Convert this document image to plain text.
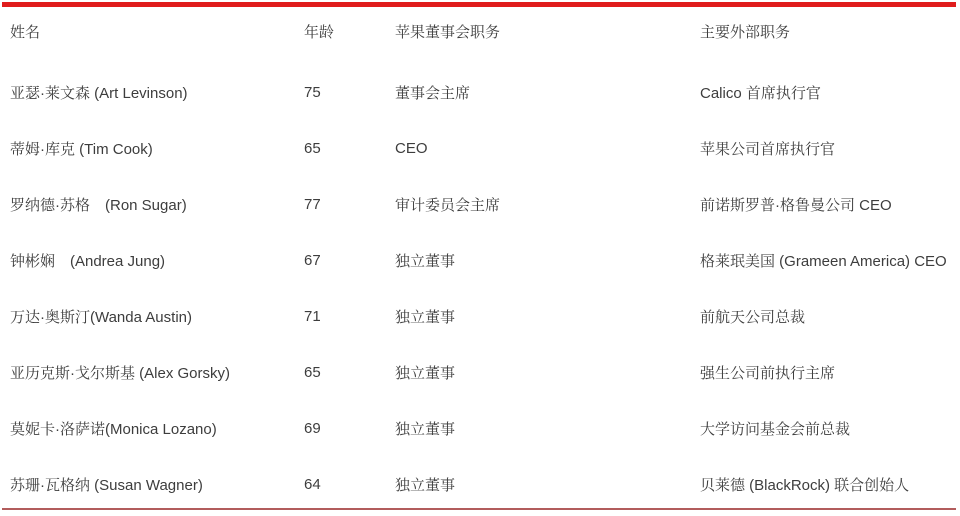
姓名	年龄	苹果董事会职务	主要外部职务
亚瑟·莱文森 (Art Levinson)	75	董事会主席	Calico 首席执行官
蒂姆·库克 (Tim Cook)	65	CEO	苹果公司首席执行官
罗纳德·苏格　(Ron Sugar)	77	审计委员会主席	前诺斯罗普·格鲁曼公司 CEO
钟彬娴　(Andrea Jung)	67	独立董事	格莱珉美国 (Grameen America) CEO
万达·奥斯汀(Wanda Austin)	71	独立董事	前航天公司总裁
亚历克斯·戈尔斯基 (Alex Gorsky)	65	独立董事	强生公司前执行主席
莫妮卡·洛萨诺(Monica Lozano)	69	独立董事	大学访问基金会前总裁
苏珊·瓦格纳 (Susan Wagner)	64	独立董事	贝莱德 (BlackRock) 联合创始人
